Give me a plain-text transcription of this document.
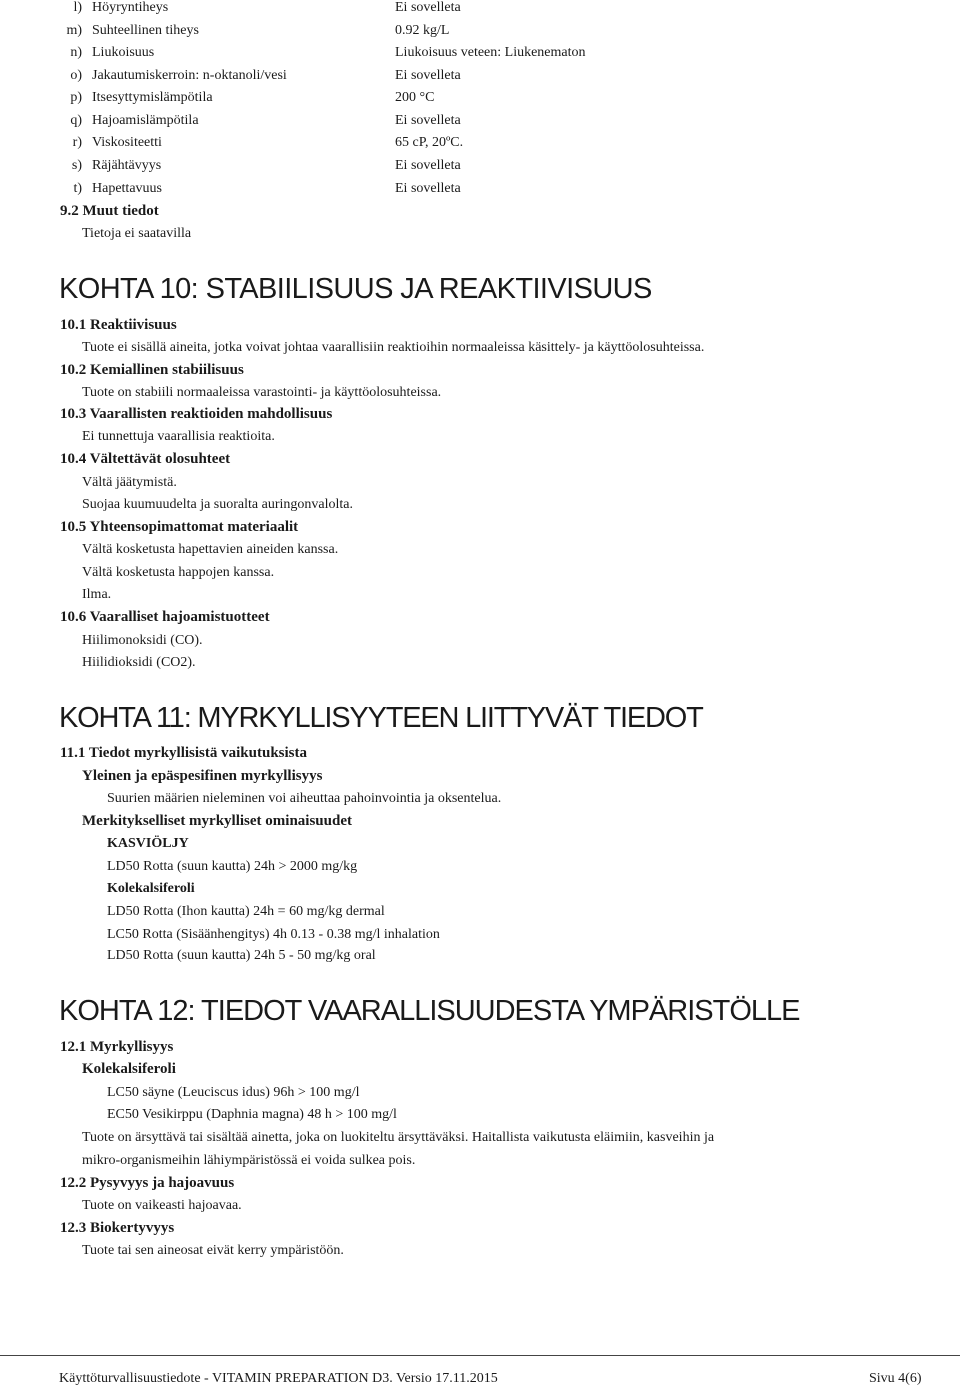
l) Höyryntiheys	Ei sovelleta
m) Suhteellinen tiheys	0.92 kg/L
n) Liukoisuus	Liukoisuus veteen: Liukenematon
o) Jakautumiskerroin: n-oktanoli/vesi	Ei sovelleta
p) Itsesyttymislämpötila	200 °C
q) Hajoamislämpötila	Ei sovelleta
r) Viskositeetti	65 cP, 20ºC.
s) Räjähtävyys	Ei sovelleta
t) Hapettavuus	Ei sovelleta
9.2 Muut tiedot
Tietoja ei saatavilla
KOHTA 10: STABIILISUUS JA REAKTIIVISUUS
10.1 Reaktiivisuus
Tuote ei sisällä aineita, jotka voivat johtaa vaarallisiin reaktioihin normaaleissa käsittely- ja käyttöolosuhteissa.
10.2 Kemiallinen stabiilisuus
Tuote on stabiili normaaleissa varastointi- ja käyttöolosuhteissa.
10.3 Vaarallisten reaktioiden mahdollisuus
Ei tunnettuja vaarallisia reaktioita.
10.4 Vältettävät olosuhteet
Vältä jäätymistä.
Suojaa kuumuudelta ja suoralta auringonvalolta.
10.5 Yhteensopimattomat materiaalit
Vältä kosketusta hapettavien aineiden kanssa.
Vältä kosketusta happojen kanssa.
Ilma.
10.6 Vaaralliset hajoamistuotteet
Hiilimonoksidi (CO).
Hiilidioksidi (CO2).
KOHTA 11: MYRKYLLISYYTEEN LIITTYVÄT TIEDOT
11.1 Tiedot myrkyllisistä vaikutuksista
Yleinen ja epäspesifinen myrkyllisyys
Suurien määrien nieleminen voi aiheuttaa pahoinvointia ja oksentelua.
Merkitykselliset myrkylliset ominaisuudet
KASVIÖLJY
LD50 Rotta (suun kautta) 24h > 2000 mg/kg
Kolekalsiferoli
LD50 Rotta (Ihon kautta) 24h = 60 mg/kg dermal
LC50 Rotta (Sisäänhengitys) 4h 0.13 - 0.38 mg/l inhalation
LD50 Rotta (suun kautta) 24h 5 - 50 mg/kg oral
KOHTA 12: TIEDOT VAARALLISUUDESTA YMPÄRISTÖLLE
12.1 Myrkyllisyys
Kolekalsiferoli
LC50 säyne (Leuciscus idus) 96h > 100 mg/l
EC50 Vesikirppu (Daphnia magna) 48 h > 100 mg/l
Tuote on ärsyttävä tai sisältää ainetta, joka on luokiteltu ärsyttäväksi. Haitallista vaikutusta eläimiin, kasveihin ja
mikro-organismeihin lähiympäristössä ei voida sulkea pois.
12.2 Pysyvyys ja hajoavuus
Tuote on vaikeasti hajoavaa.
12.3 Biokertyvyys
Tuote tai sen aineosat eivät kerry ympäristöön.
Käyttöturvallisuustiedote - VITAMIN PREPARATION D3. Versio 17.11.2015	Sivu 4(6)
